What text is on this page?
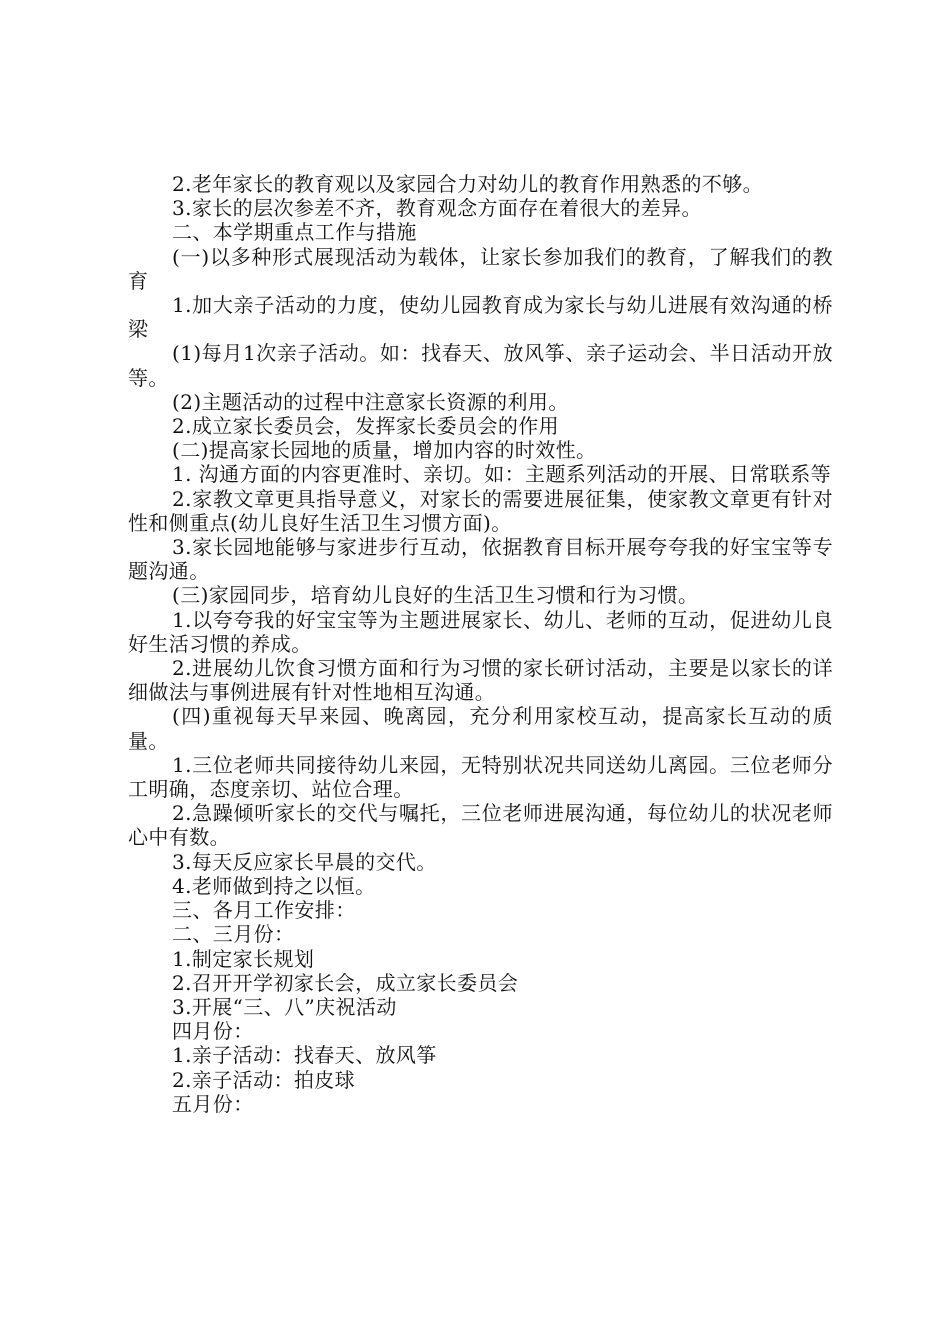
2.老年家长的教育观以及家园合力对幼儿的教育作用熟悉的不够。

3.家长的层次参差不齐，教育观念方面存在着很大的差异。

二、本学期重点工作与措施

(一)以多种形式展现活动为载体，让家长参加我们的教育，了解我们的教育

1.加大亲子活动的力度，使幼儿园教育成为家长与幼儿进展有效沟通的桥梁

(1)每月1次亲子活动。如：找春天、放风筝、亲子运动会、半日活动开放等。

(2)主题活动的过程中注意家长资源的利用。

2.成立家长委员会，发挥家长委员会的作用

(二)提高家长园地的质量，增加内容的时效性。

1. 沟通方面的内容更准时、亲切。如：主题系列活动的开展、日常联系等

2.家教文章更具指导意义，对家长的需要进展征集，使家教文章更有针对性和侧重点(幼儿良好生活卫生习惯方面)。

3.家长园地能够与家进步行互动，依据教育目标开展夸夸我的好宝宝等专题沟通。

(三)家园同步，培育幼儿良好的生活卫生习惯和行为习惯。

1.以夸夸我的好宝宝等为主题进展家长、幼儿、老师的互动，促进幼儿良好生活习惯的养成。

2.进展幼儿饮食习惯方面和行为习惯的家长研讨活动，主要是以家长的详细做法与事例进展有针对性地相互沟通。

(四)重视每天早来园、晚离园，充分利用家校互动，提高家长互动的质量。

1.三位老师共同接待幼儿来园，无特别状况共同送幼儿离园。三位老师分工明确，态度亲切、站位合理。

2.急躁倾听家长的交代与嘱托，三位老师进展沟通，每位幼儿的状况老师心中有数。

3.每天反应家长早晨的交代。

4.老师做到持之以恒。

三、各月工作安排：

二、三月份：

1.制定家长规划

2.召开开学初家长会，成立家长委员会

3.开展“三、八”庆祝活动

四月份：

1.亲子活动：找春天、放风筝

2.亲子活动：拍皮球

五月份：
